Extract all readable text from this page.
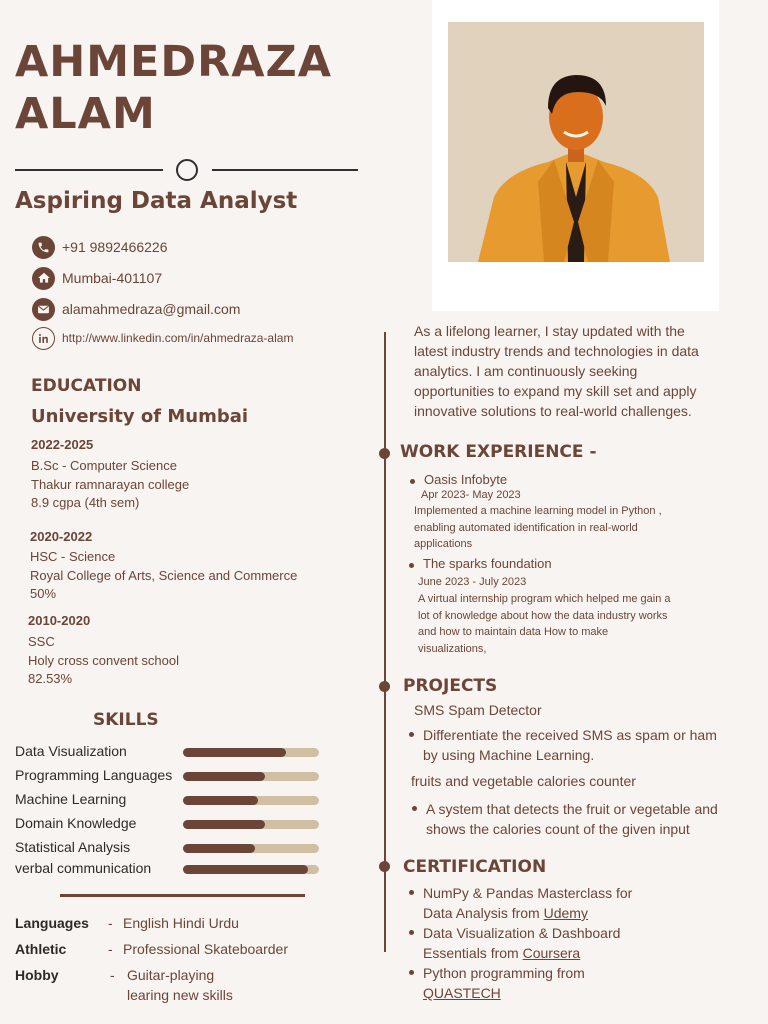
AHMEDRAZA
ALAM
Aspiring Data Analyst
+91 9892466226
Mumbai-401107
alamahmedraza@gmail.com
http://www.linkedin.com/in/ahmedraza-alam
EDUCATION
University of Mumbai
2022-2025
B.Sc - Computer Science
Thakur ramnarayan college
8.9 cgpa (4th sem)
2020-2022
HSC - Science
Royal College of Arts, Science and Commerce
50%
2010-2020
SSC
Holy cross convent school
82.53%
SKILLS
Data Visualization
Programming Languages
Machine Learning
Domain Knowledge
Statistical Analysis
verbal communication
Languages - English Hindi Urdu
Athletic	- Professional Skateboarder
Hobby	- Guitar-playing
learing new skills
As a lifelong learner, I stay updated with the
latest industry trends and technologies in data
analytics. I am continuously seeking
opportunities to expand my skill set and apply
innovative solutions to real-world challenges.
WORK EXPERIENCE -
Oasis Infobyte
Apr 2023- May 2023
Implemented a machine learning model in Python ,
enabling automated identification in real-world
applications
The sparks foundation
June 2023 - July 2023
A virtual internship program which helped me gain a
lot of knowledge about how the data industry works
and how to maintain data How to make
visualizations,
PROJECTS
SMS Spam Detector
Differentiate the received SMS as spam or ham
by using Machine Learning.
fruits and vegetable calories counter
A system that detects the fruit or vegetable and
shows the calories count of the given input
CERTIFICATION
NumPy & Pandas Masterclass for
Data Analysis from Udemy
Data Visualization & Dashboard
Essentials from Coursera
Python programming from
QUASTECH
